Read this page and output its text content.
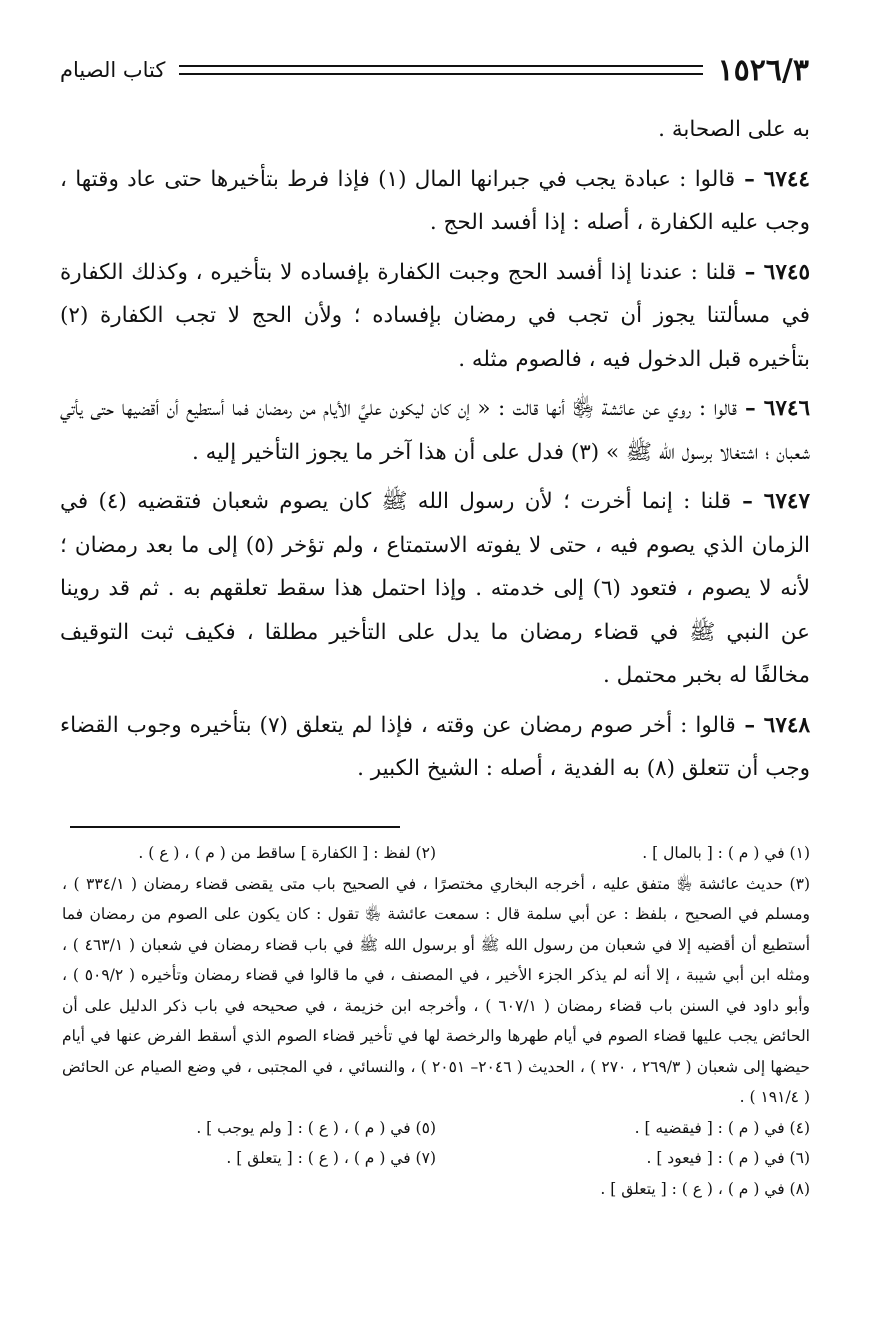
١٥٢٦/٣
كتاب الصيام

به على الصحابة .

٦٧٤٤ – قالوا : عبادة يجب في جبرانها المال (١) فإذا فرط بتأخيرها حتى عاد وقتها ، وجب عليه الكفارة ، أصله : إذا أفسد الحج .

٦٧٤٥ – قلنا : عندنا إذا أفسد الحج وجبت الكفارة بإفساده لا بتأخيره ، وكذلك الكفارة في مسألتنا يجوز أن تجب في رمضان بإفساده ؛ ولأن الحج لا تجب الكفارة (٢) بتأخيره قبل الدخول فيه ، فالصوم مثله .

٦٧٤٦ – قالوا : روي عن عائشة ﵂ أنها قالت : « إن كان ليكون عليَّ الأيام من رمضان فما أستطيع أن أقضيها حتى يأتي شعبان ؛ اشتغالا برسول الله ﷺ » (٣) فدل على أن هذا آخر ما يجوز التأخير إليه .

٦٧٤٧ – قلنا : إنما أخرت ؛ لأن رسول الله ﷺ كان يصوم شعبان فتقضيه (٤) في الزمان الذي يصوم فيه ، حتى لا يفوته الاستمتاع ، ولم تؤخر (٥) إلى ما بعد رمضان ؛ لأنه لا يصوم ، فتعود (٦) إلى خدمته . وإذا احتمل هذا سقط تعلقهم به . ثم قد روينا عن النبي ﷺ في قضاء رمضان ما يدل على التأخير مطلقا ، فكيف ثبت التوقيف مخالفًا له بخبر محتمل .

٦٧٤٨ – قالوا : أخر صوم رمضان عن وقته ، فإذا لم يتعلق (٧) بتأخيره وجوب القضاء وجب أن تتعلق (٨) به الفدية ، أصله : الشيخ الكبير .

(١) في ( م ) : [ بالمال ] .
(٢) لفظ : [ الكفارة ] ساقط من ( م ) ، ( ع ) .
(٣) حديث عائشة ﵂ متفق عليه ، أخرجه البخاري مختصرًا ، في الصحيح باب متى يقضى قضاء رمضان ( ٣٣٤/١ ) ، ومسلم في الصحيح ، بلفظ : عن أبي سلمة قال : سمعت عائشة ﵂ تقول : كان يكون على الصوم من رمضان فما أستطيع أن أقضيه إلا في شعبان من رسول الله ﷺ أو برسول الله ﷺ في باب قضاء رمضان في شعبان ( ٤٦٣/١ ) ، ومثله ابن أبي شيبة ، إلا أنه لم يذكر الجزء الأخير ، في المصنف ، في ما قالوا في قضاء رمضان وتأخيره ( ٥٠٩/٢ ) ، وأبو داود في السنن باب قضاء رمضان ( ٦٠٧/١ ) ، وأخرجه ابن خزيمة ، في صحيحه في باب ذكر الدليل على أن الحائض يجب عليها قضاء الصوم في أيام طهرها والرخصة لها في تأخير قضاء الصوم الذي أسقط الفرض عنها في أيام حيضها إلى شعبان ( ٢٦٩/٣ ، ٢٧٠ ) ، الحديث ( ٢٠٤٦– ٢٠٥١ ) ، والنسائي ، في المجتبى ، في وضع الصيام عن الحائض ( ١٩١/٤ ) .
(٤) في ( م ) : [ فيقضيه ] .
(٥) في ( م ) ، ( ع ) : [ ولم يوجب ] .
(٦) في ( م ) : [ فيعود ] .
(٧) في ( م ) ، ( ع ) : [ يتعلق ] .
(٨) في ( م ) ، ( ع ) : [ يتعلق ] .
